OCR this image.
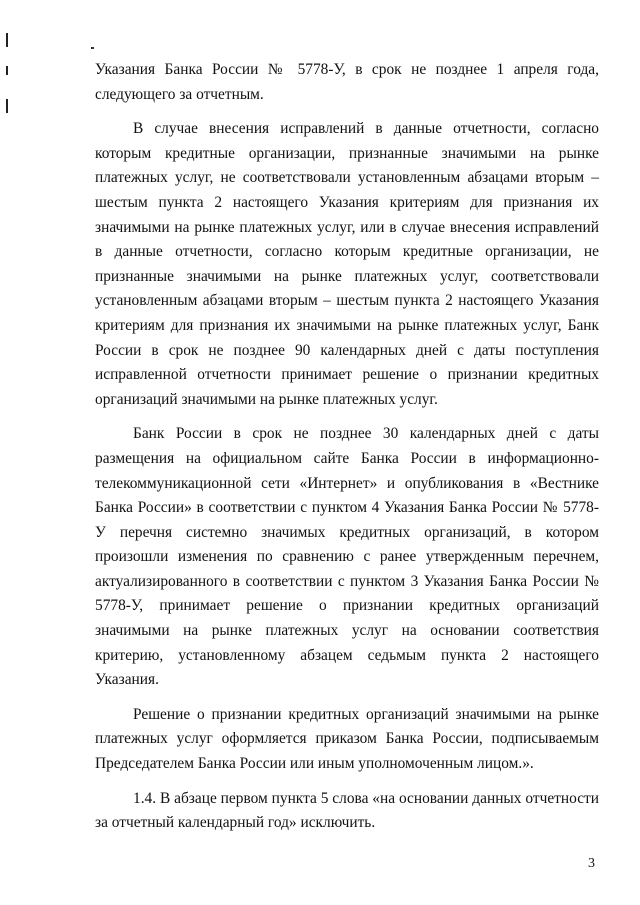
Указания Банка России № 5778-У, в срок не позднее 1 апреля года, следующего за отчетным.

В случае внесения исправлений в данные отчетности, согласно которым кредитные организации, признанные значимыми на рынке платежных услуг, не соответствовали установленным абзацами вторым – шестым пункта 2 настоящего Указания критериям для признания их значимыми на рынке платежных услуг, или в случае внесения исправлений в данные отчетности, согласно которым кредитные организации, не признанные значимыми на рынке платежных услуг, соответствовали установленным абзацами вторым – шестым пункта 2 настоящего Указания критериям для признания их значимыми на рынке платежных услуг, Банк России в срок не позднее 90 календарных дней с даты поступления исправленной отчетности принимает решение о признании кредитных организаций значимыми на рынке платежных услуг.

Банк России в срок не позднее 30 календарных дней с даты размещения на официальном сайте Банка России в информационно-телекоммуникационной сети «Интернет» и опубликования в «Вестнике Банка России» в соответствии с пунктом 4 Указания Банка России № 5778-У перечня системно значимых кредитных организаций, в котором произошли изменения по сравнению с ранее утвержденным перечнем, актуализированного в соответствии с пунктом 3 Указания Банка России № 5778-У, принимает решение о признании кредитных организаций значимыми на рынке платежных услуг на основании соответствия критерию, установленному абзацем седьмым пункта 2 настоящего Указания.

Решение о признании кредитных организаций значимыми на рынке платежных услуг оформляется приказом Банка России, подписываемым Председателем Банка России или иным уполномоченным лицом.».

1.4. В абзаце первом пункта 5 слова «на основании данных отчетности за отчетный календарный год» исключить.

3
